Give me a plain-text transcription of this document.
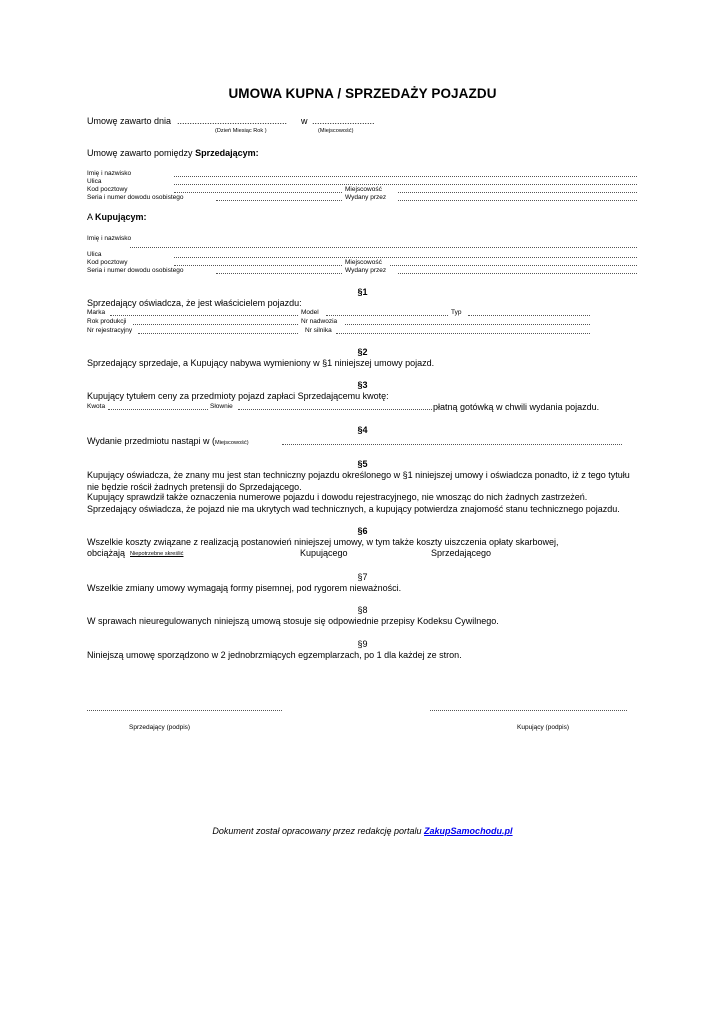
UMOWA KUPNA / SPRZEDAŻY POJAZDU
Umowę zawarto dnia ............................................ w .........................
(Dzień Miesiąc Rok )	(Miejscowość)
Umowę zawarto pomiędzy Sprzedającym:
Imię i nazwisko
Ulica
Kod pocztowy	Miejscowość
Seria i numer dowodu osobistego	Wydany przez
A Kupującym:
Imię i nazwisko
Ulica
Kod pocztowy	Miejscowość
Seria i numer dowodu osobistego	Wydany przez
§1
Sprzedający oświadcza, że jest właścicielem pojazdu:
Marka	Model	Typ
Rok produkcji	Nr nadwozia
Nr rejestracyjny	Nr silnika
§2
Sprzedający sprzedaje, a Kupujący nabywa wymieniony w §1 niniejszej umowy pojazd.
§3
Kupujący tytułem ceny za przedmioty pojazd zapłaci Sprzedającemu kwotę:
Kwota	Słownie	płatną gotówką w chwili wydania pojazdu.
§4
Wydanie przedmiotu nastąpi w (Miejscowość)
§5
Kupujący oświadcza, że znany mu jest stan techniczny pojazdu określonego w §1 niniejszej umowy i oświadcza ponadto, iż z tego tytułu nie będzie rościł żadnych pretensji do Sprzedającego.
Kupujący sprawdził także oznaczenia numerowe pojazdu i dowodu rejestracyjnego, nie wnosząc do nich żadnych zastrzeżeń.
Sprzedający oświadcza, że pojazd nie ma ukrytych wad technicznych, a kupujący potwierdza znajomość stanu technicznego pojazdu.
§6
Wszelkie koszty związane z realizacją postanowień niniejszej umowy, w tym także koszty uiszczenia opłaty skarbowej,
obciążają Niepotrzebne skreślić	Kupującego	Sprzedającego
§7
Wszelkie zmiany umowy wymagają formy pisemnej, pod rygorem nieważności.
§8
W sprawach nieuregulowanych niniejszą umową stosuje się odpowiednie przepisy Kodeksu Cywilnego.
§9
Niniejszą umowę sporządzono w 2 jednobrzmiących egzemplarzach, po 1 dla każdej ze stron.
Sprzedający (podpis)	Kupujący (podpis)
Dokument został opracowany przez redakcję portalu ZakupSamochodu.pl
